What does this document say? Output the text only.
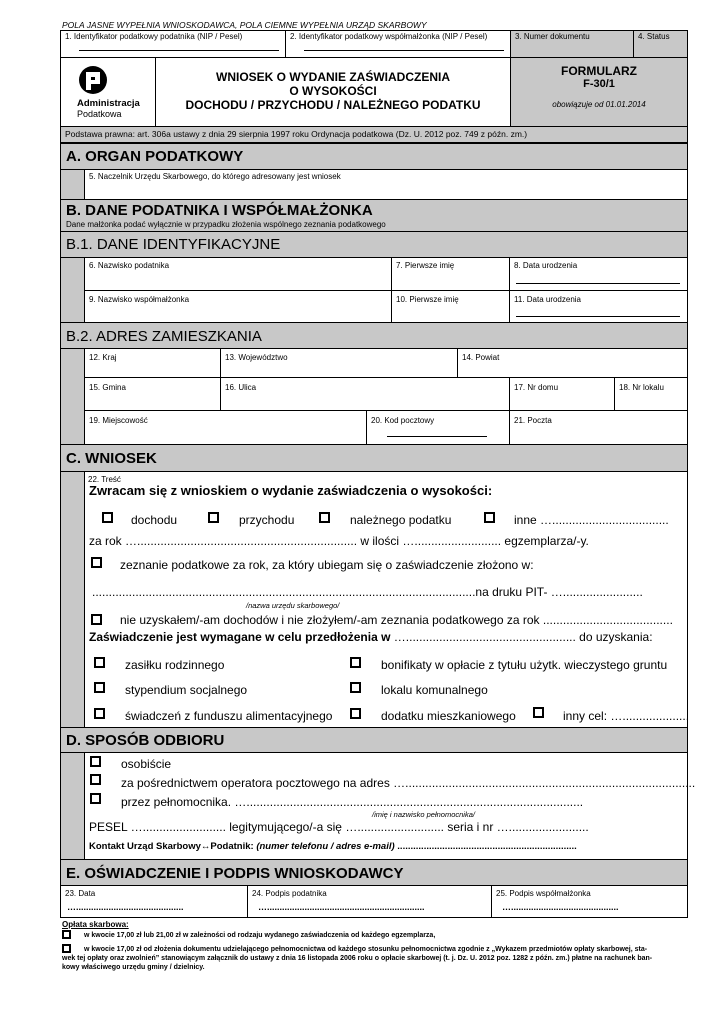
POLA JASNE WYPEŁNIA WNIOSKODAWCA, POLA CIEMNE WYPEŁNIA URZĄD SKARBOWY
1. Identyfikator podatkowy podatnika (NIP / Pesel)	2. Identyfikator podatkowy współmałżonka (NIP / Pesel)	3. Numer dokumentu	4. Status
Administracja
Podatkowa
WNIOSEK O WYDANIE ZAŚWIADCZENIA
O WYSOKOŚCI
DOCHODU / PRZYCHODU / NALEŻNEGO PODATKU
FORMULARZ
F-30/1
obowiązuje od 01.01.2014
Podstawa prawna: art. 306a ustawy z dnia 29 sierpnia 1997 roku Ordynacja podatkowa (Dz. U. 2012 poz. 749 z późn. zm.)
A. ORGAN PODATKOWY
5. Naczelnik Urzędu Skarbowego, do którego adresowany jest wniosek
B. DANE PODATNIKA I WSPÓŁMAŁŻONKA
Dane małżonka podać wyłącznie w przypadku złożenia wspólnego zeznania podatkowego
B.1. DANE IDENTYFIKACYJNE
6. Nazwisko podatnika	7. Pierwsze imię	8. Data urodzenia
9. Nazwisko współmałżonka	10. Pierwsze imię	11. Data urodzenia
B.2. ADRES ZAMIESZKANIA
12. Kraj	13. Województwo	14. Powiat
15. Gmina	16. Ulica	17. Nr domu	18. Nr lokalu
19. Miejscowość	20. Kod pocztowy	21. Poczta
C. WNIOSEK
22. Treść
Zwracam się z wnioskiem o wydanie zaświadczenia o wysokości:
dochodu	przychodu	należnego podatku	inne …...................................
za rok ….................................................................. w ilości ….......................... egzemplarza/-y.
zeznanie podatkowe za rok, za który ubiegam się o zaświadczenie złożono w:
...................................................................................................................na druku PIT- …........................
/nazwa urzędu skarbowego/
nie uzyskałem/-am dochodów i nie złożyłem/-am zeznania podatkowego za rok .......................................
Zaświadczenie jest wymagane w celu przedłożenia w …................................................... do uzyskania:
zasiłku rodzinnego	bonifikaty w opłacie z tytułu użytk. wieczystego gruntu
stypendium socjalnego	lokalu komunalnego
świadczeń z funduszu alimentacyjnego	dodatku mieszkaniowego	inny cel: …....................
D. SPOSÓB ODBIORU
osobiście
za pośrednictwem operatora pocztowego na adres ….......................................................................................
przez pełnomocnika. ….....................................................................................................
/imię i nazwisko pełnomocnika/
PESEL …......................... legitymującego/-a się ….......................... seria i nr …........................
Kontakt Urząd Skarbowy↔Podatnik: (numer telefonu / adres e-mail) ....................................................................
E. OŚWIADCZENIE I PODPIS WNIOSKODAWCY
23. Data
…...........................................
24. Podpis podatnika
…...............................................................
25. Podpis współmałżonka
…...........................................
Opłata skarbowa:
w kwocie 17,00 zł lub 21,00 zł w zależności od rodzaju wydanego zaświadczenia od każdego egzemplarza,
w kwocie 17,00 zł od złożenia dokumentu udzielającego pełnomocnictwa od każdego stosunku pełnomocnictwa zgodnie z „Wykazem przedmiotów opłaty skarbowej, sta-
wek tej opłaty oraz zwolnień” stanowiącym załącznik do ustawy z dnia 16 listopada 2006 roku o opłacie skarbowej (t. j. Dz. U. 2012 poz. 1282 z późn. zm.) płatne na rachunek ban-
kowy właściwego urzędu gminy / dzielnicy.
